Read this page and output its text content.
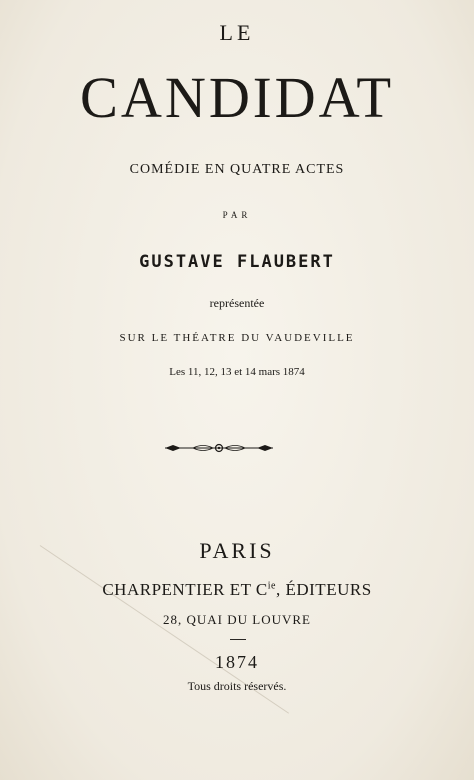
LE
CANDIDAT
COMÉDIE EN QUATRE ACTES
PAR
GUSTAVE FLAUBERT
représentée
SUR LE THÉATRE DU VAUDEVILLE
Les 11, 12, 13 et 14 mars 1874
PARIS
CHARPENTIER ET $C^{ie}$, ÉDITEURS
28, QUAI DU LOUVRE
1874
Tous droits réservés.
